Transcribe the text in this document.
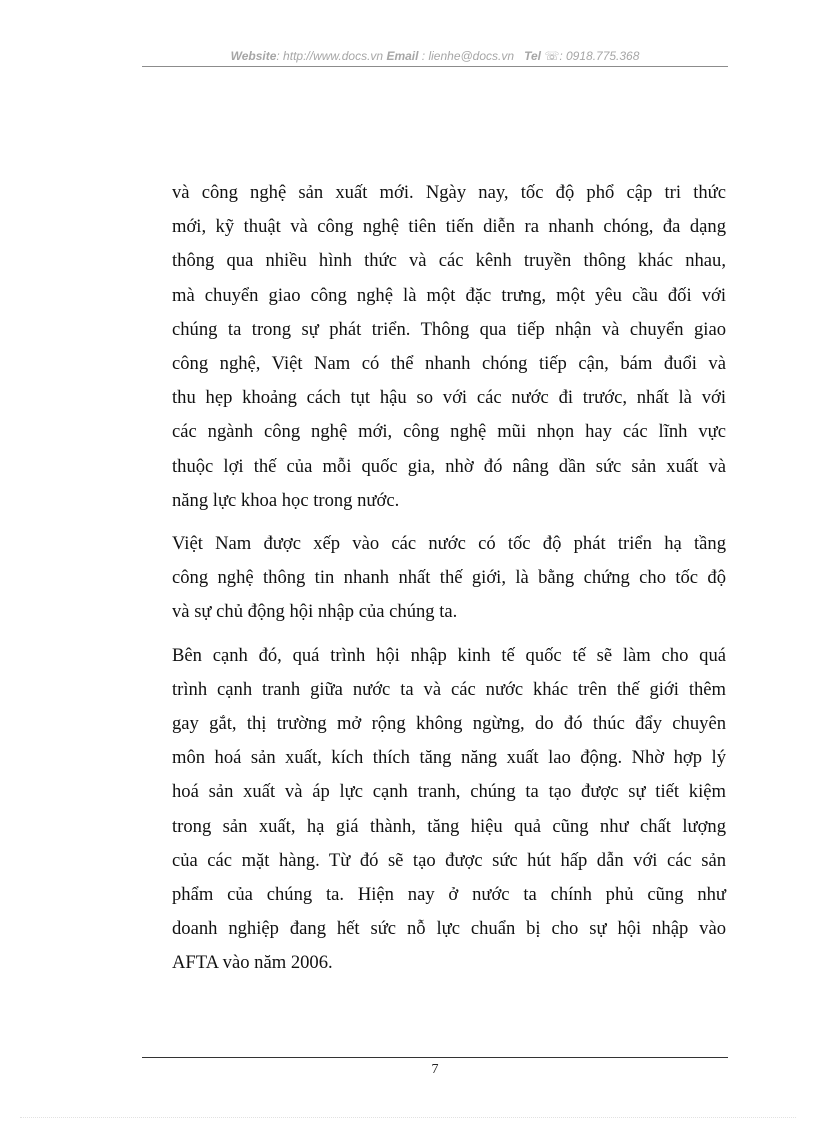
Website: http://www.docs.vn Email : lienhe@docs.vn Tel ☏: 0918.775.368

và công nghệ sản xuất mới. Ngày nay, tốc độ phổ cập tri thức
mới, kỹ thuật và công nghệ tiên tiến diễn ra nhanh chóng, đa dạng
thông qua nhiều hình thức và các kênh truyền thông khác nhau,
mà chuyển giao công nghệ là một đặc trưng, một yêu cầu đối với
chúng ta trong sự phát triển. Thông qua tiếp nhận và chuyển giao
công nghệ, Việt Nam có thể nhanh chóng tiếp cận, bám đuổi và
thu hẹp khoảng cách tụt hậu so với các nước đi trước, nhất là với
các ngành công nghệ mới, công nghệ mũi nhọn hay các lĩnh vực
thuộc lợi thế của mỗi quốc gia, nhờ đó nâng dần sức sản xuất và
năng lực khoa học trong nước.

Việt Nam được xếp vào các nước có tốc độ phát triển hạ tầng
công nghệ thông tin nhanh nhất thế giới, là bằng chứng cho tốc độ
và sự chủ động hội nhập của chúng ta.

Bên cạnh đó, quá trình hội nhập kinh tế quốc tế sẽ làm cho quá
trình cạnh tranh giữa nước ta và các nước khác trên thế giới thêm
gay gắt, thị trường mở rộng không ngừng, do đó thúc đẩy chuyên
môn hoá sản xuất, kích thích tăng năng xuất lao động. Nhờ hợp lý
hoá sản xuất và áp lực cạnh tranh, chúng ta tạo được sự tiết kiệm
trong sản xuất, hạ giá thành, tăng hiệu quả cũng như chất lượng
của các mặt hàng. Từ đó sẽ tạo được sức hút hấp dẫn với các sản
phẩm của chúng ta. Hiện nay ở nước ta chính phủ cũng như
doanh nghiệp đang hết sức nỗ lực chuẩn bị cho sự hội nhập vào
AFTA vào năm 2006.

7
